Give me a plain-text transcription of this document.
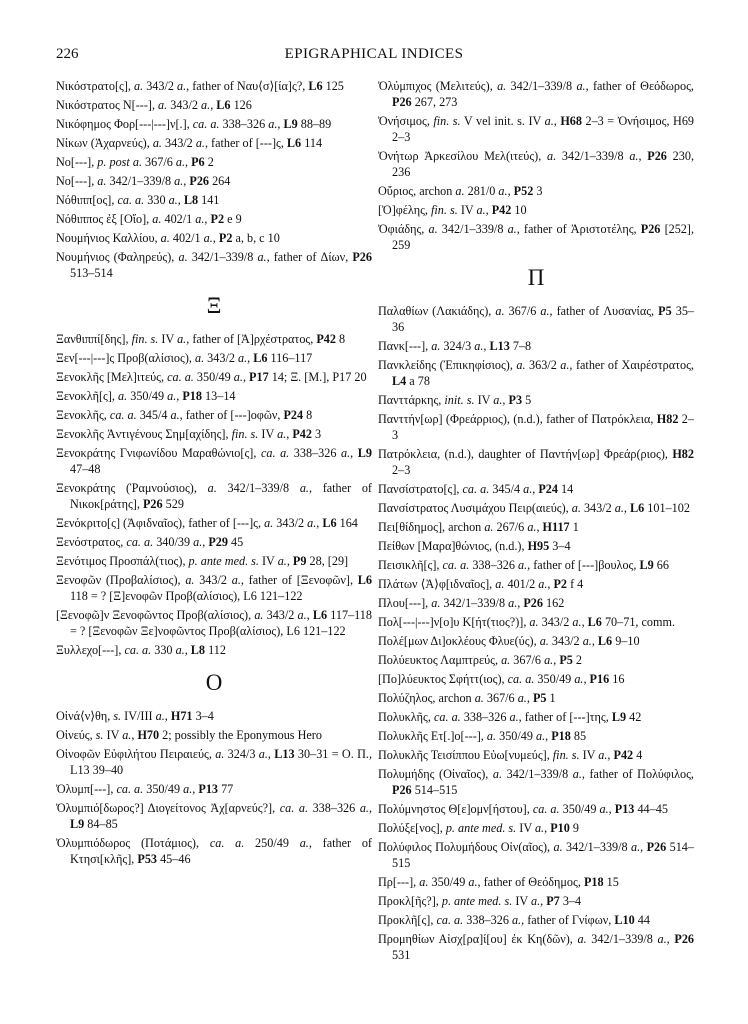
226	EPIGRAPHICAL INDICES
Νικόστρατο[ς], a. 343/2 a., father of Ναυ⟨σ⟩[ία]ς?, L6 125
Νικόστρατος N[---], a. 343/2 a., L6 126
Νικόφημος Φορ[---|---]ν[.], ca. a. 338–326 a., L9 88–89
Νίκων (Ἀχαρνεύς), a. 343/2 a., father of [---]ς, L6 114
Νο[---], p. post a. 367/6 a., P6 2
Νο[---], a. 342/1–339/8 a., P26 264
Νόθιππ[ος], ca. a. 330 a., L8 141
Νόθιππος ἐξ [Οἴο], a. 402/1 a., P2 e 9
Νουμήνιος Καλλίου, a. 402/1 a., P2 a, b, c 10
Νουμήνιος (Φαληρεύς), a. 342/1–339/8 a., father of Δίων, P26 513–514
Ξ
Ξανθιππί[δης], fin. s. IV a., father of [Ἀ]ρχέστρατος, P42 8
Ξεν[---|---]ς Προβ(αλίσιος), a. 343/2 a., L6 116–117
Ξενοκλῆς [Μελ]ιτεύς, ca. a. 350/49 a., P17 14; Ξ. [Μ.], P17 20
Ξενοκλῆ[ς], a. 350/49 a., P18 13–14
Ξενοκλῆς, ca. a. 345/4 a., father of [---]οφῶν, P24 8
Ξενοκλῆς Ἀντιγένους Σημ[αχίδης], fin. s. IV a., P42 3
Ξενοκράτης Γνιφωνίδου Μαραθώνιο[ς], ca. a. 338–326 a., L9 47–48
Ξενοκράτης (Ῥαμνούσιος), a. 342/1–339/8 a., father of Νικοκ[ράτης], P26 529
Ξενόκριτο[ς] (Ἀφιδναῖος), father of [---]ς, a. 343/2 a., L6 164
Ξενόστρατος, ca. a. 340/39 a., P29 45
Ξενότιμος Προσπάλ(τιος), p. ante med. s. IV a., P9 28, [29]
Ξενοφῶν (Προβαλίσιος), a. 343/2 a., father of [Ξενοφῶν], L6 118 = ? [Ξ]ενοφῶν Προβ(αλίσιος), L6 121–122
[Ξενοφῶ]ν Ξενοφῶντος Προβ(αλίσιος), a. 343/2 a., L6 117–118 = ? [Ξενοφῶν Ξε]νοφῶντος Προβ(αλίσιος), L6 121–122
Ξυλλεχο[---], ca. a. 330 a., L8 112
O
Οἰνά⟨ν⟩θη, s. IV/III a., H71 3–4
Οἰνεύς, s. IV a., H70 2; possibly the Eponymous Hero
Οἰνοφῶν Εὐφιλήτου Πειραιεύς, a. 324/3 a., L13 30–31 = O. Π., L13 39–40
Ὀλυμπ[---], ca. a. 350/49 a., P13 77
Ὀλυμπιό[δωρος?] Διογείτονος Ἀχ[αρνεύς?], ca. a. 338–326 a., L9 84–85
Ὀλυμπιόδωρος (Ποτάμιος), ca. a. 250/49 a., father of Κτησι[κλῆς], P53 45–46
Ὀλύμπιχος (Μελιτεύς), a. 342/1–339/8 a., father of Θεόδωρος, P26 267, 273
Ὀνήσιμος, fin. s. V vel init. s. IV a., H68 2–3 = Ὀνήσιμος, H69 2–3
Ὀνήτωρ Ἀρκεσίλου Μελ(ιτεύς), a. 342/1–339/8 a., P26 230, 236
Οὔριος, archon a. 281/0 a., P52 3
[Ὀ]φέλης, fin. s. IV a., P42 10
Ὀφιάδης, a. 342/1–339/8 a., father of Ἀριστοτέλης, P26 [252], 259
Π
Παλαθίων (Λακιάδης), a. 367/6 a., father of Λυσανίας, P5 35–36
Πανκ[---], a. 324/3 a., L13 7–8
Πανκλείδης (Ἐπικηφίσιος), a. 363/2 a., father of Χαιρέστρατος, L4 a 78
Πανττάρκης, init. s. IV a., P3 5
Πανττήν[ωρ] (Φρεάρριος), (n.d.), father of Πατρόκλεια, H82 2–3
Πατρόκλεια, (n.d.), daughter of Παντήν[ωρ] Φρεάρ(ριος), H82 2–3
Πανσίστρατο[ς], ca. a. 345/4 a., P24 14
Πανσίστρατος Λυσιμάχου Πειρ(αιεύς), a. 343/2 a., L6 101–102
Πει[θίδημος], archon a. 267/6 a., H117 1
Πείθων [Μαρα]θώνιος, (n.d.), H95 3–4
Πεισικλῆ[ς], ca. a. 338–326 a., father of [---]βουλος, L9 66
Πλάτων ⟨Ἀ⟩φ[ιδναῖος], a. 401/2 a., P2 f 4
Πλου[---], a. 342/1–339/8 a., P26 162
Πολ[---|---]ν[ο]υ Κ[ήτ(τιος?)], a. 343/2 a., L6 70–71, comm.
Πολέ[μων Δι]οκλέους Φλυε(ύς), a. 343/2 a., L6 9–10
Πολύευκτος Λαμπτρεύς, a. 367/6 a., P5 2
[Πο]λύευκτος Σφήττ(ιος), ca. a. 350/49 a., P16 16
Πολύζηλος, archon a. 367/6 a., P5 1
Πολυκλῆς, ca. a. 338–326 a., father of [---]της, L9 42
Πολυκλῆς Ετ[.]ο[---], a. 350/49 a., P18 85
Πολυκλῆς Τεισίππου Εὐω[νυμεύς], fin. s. IV a., P42 4
Πολυμήδης (Οἰναῖος), a. 342/1–339/8 a., father of Πολύφιλος, P26 514–515
Πολύμνηστος Θ[ε]ομν[ήστου], ca. a. 350/49 a., P13 44–45
Πολύξε[νος], p. ante med. s. IV a., P10 9
Πολύφιλος Πολυμήδους Οἰν(αῖος), a. 342/1–339/8 a., P26 514–515
Πρ[---], a. 350/49 a., father of Θεόδημος, P18 15
Προκλ[ῆς?], p. ante med. s. IV a., P7 3–4
Προκλῆ[ς], ca. a. 338–326 a., father of Γνίφων, L10 44
Προμηθίων Αἰσχ[ρα]ί[ου] ἐκ Κη(δῶν), a. 342/1–339/8 a., P26 531
